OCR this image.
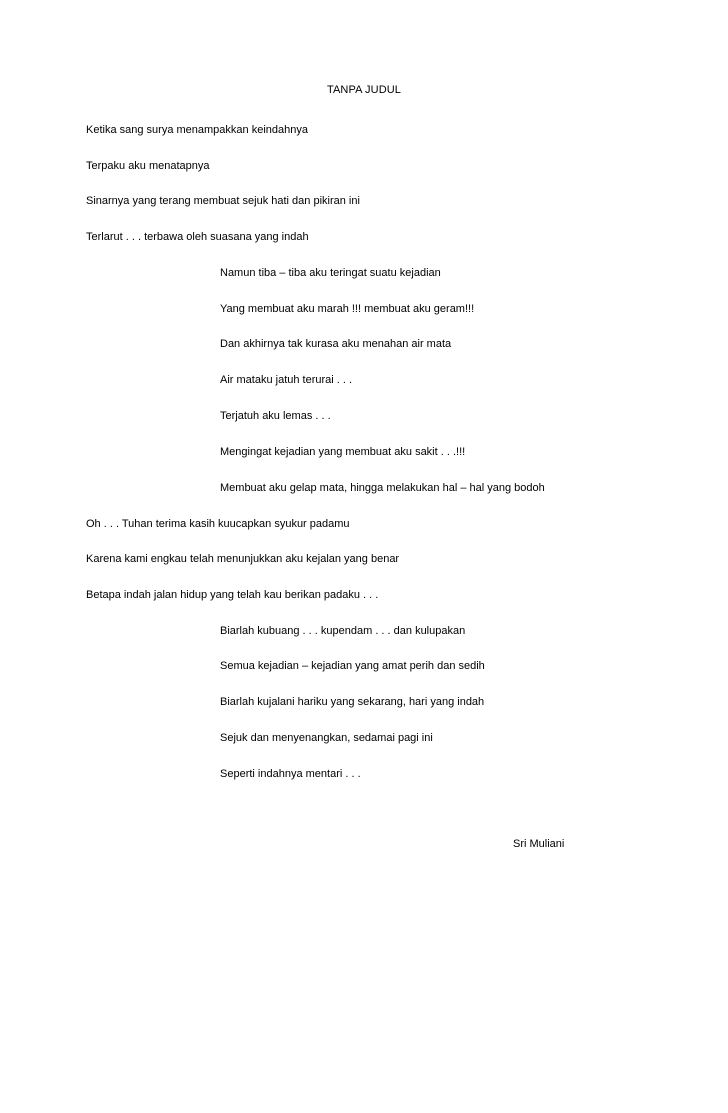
TANPA JUDUL
Ketika sang surya menampakkan keindahnya
Terpaku aku menatapnya
Sinarnya yang terang membuat sejuk hati dan pikiran ini
Terlarut . . . terbawa oleh suasana yang indah
Namun tiba – tiba aku teringat suatu kejadian
Yang membuat aku marah !!! membuat aku geram!!!
Dan akhirnya tak kurasa aku menahan air mata
Air mataku jatuh terurai . . .
Terjatuh aku lemas . . .
Mengingat kejadian yang membuat aku sakit . . .!!!
Membuat aku gelap mata, hingga melakukan hal – hal yang bodoh
Oh . . . Tuhan terima kasih kuucapkan syukur padamu
Karena kami engkau telah menunjukkan aku kejalan yang benar
Betapa indah jalan hidup yang telah kau berikan padaku . . .
Biarlah kubuang . . . kupendam . . . dan kulupakan
Semua kejadian – kejadian yang amat perih dan sedih
Biarlah kujalani hariku yang sekarang, hari yang indah
Sejuk dan menyenangkan, sedamai pagi ini
Seperti indahnya mentari . . .
Sri Muliani
